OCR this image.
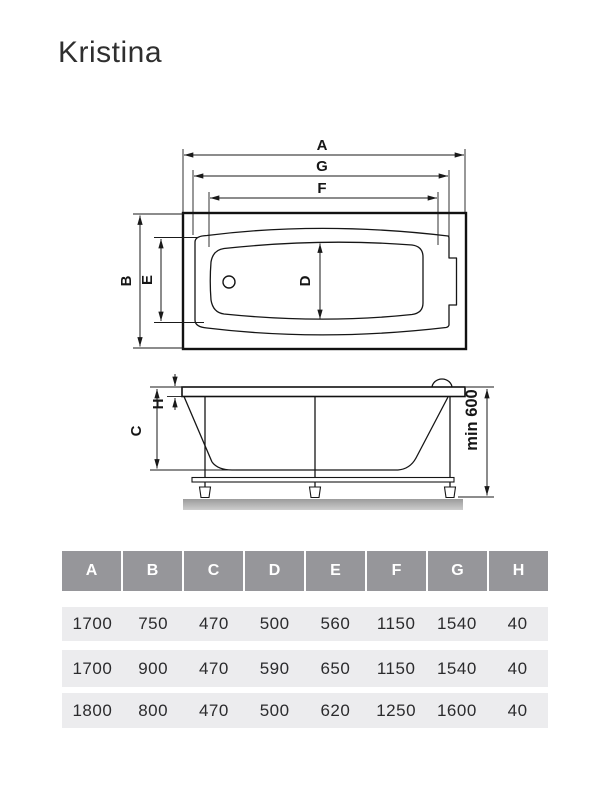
Kristina
A
G
F
B E	D
H
C	min 600
A	B	C	D	E	F	G	H
1700	750	470	500	560	1150	1540	40
1700	900	470	590	650	1150	1540	40
1800	800	470	500	620	1250	1600	40
